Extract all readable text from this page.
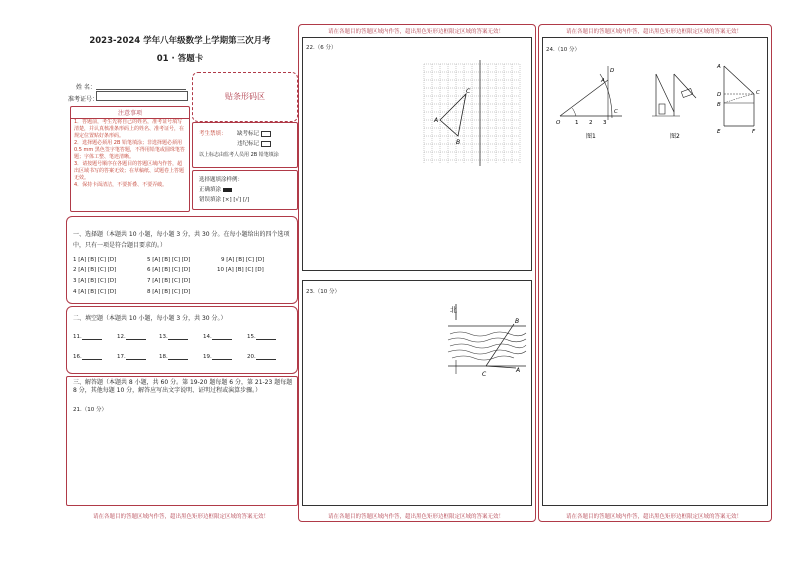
2023-2024 学年八年级数学上学期第三次月考
01 · 答题卡
姓 名：
准考证号：	贴条形码区
注意事项
1．答题前，考生先将自己的姓名，准考证号填写清楚，并认真核准条形码上的姓名、准考证号，在规定位置贴好条形码。
2．选择题必须用 2B 铅笔填涂；非选择题必须用 0.5 mm 黑色签字笔答题，不得用铅笔或圆珠笔答题；字体工整、笔迹清晰。
3．请按题号顺序在各题目的答题区域内作答，超出区域书写的答案无效；在草稿纸、试题卷上答题无效。
4．保持卡面清洁，不要折叠、不要弄破。
考生禁填： 缺考标记
违纪标记
以上标志由监考人员用 2B 铅笔填涂
选择题填涂样例：
正确填涂
错误填涂 [×] [√] [/]
一、选择题（本题共 10 小题，每小题 3 分，共 30 分。在每小题给出的四个选项中，只有一项是符合题目要求的。）
1 [A] [B] [C] [D]
2 [A] [B] [C] [D]
3 [A] [B] [C] [D]
4 [A] [B] [C] [D]
5 [A] [B] [C] [D]
6 [A] [B] [C] [D]
7 [A] [B] [C] [D]
8 [A] [B] [C] [D]
9 [A] [B] [C] [D]
10 [A] [B] [C] [D]
二、填空题（本题共 10 小题，每小题 3 分，共 30 分。）
11.	12.	13.	14.	15.
16.	17.	18.	19.	20.
三、解答题（本题共 8 小题，共 60 分。第 19-20 题每题 6 分，第 21-23 题每题 8 分，其他每题 10 分，解答应写出文字说明、证明过程或演算步骤。）
21.（10 分）
请在各题目的答题区域内作答，超出黑色矩形边框限定区域的答案无效！
请在各题目的答题区域内作答，超出黑色矩形边框限定区域的答案无效！
22.（6 分）
A
C
B
23.（10 分）
北
B
C
A
请在各题目的答题区域内作答，超出黑色矩形边框限定区域的答案无效！
请在各题目的答题区域内作答，超出黑色矩形边框限定区域的答案无效！
24.（10 分）
O	1 2 3
C
A
D
图1	图2
A
D
B
E	F
C
请在各题目的答题区域内作答，超出黑色矩形边框限定区域的答案无效！
